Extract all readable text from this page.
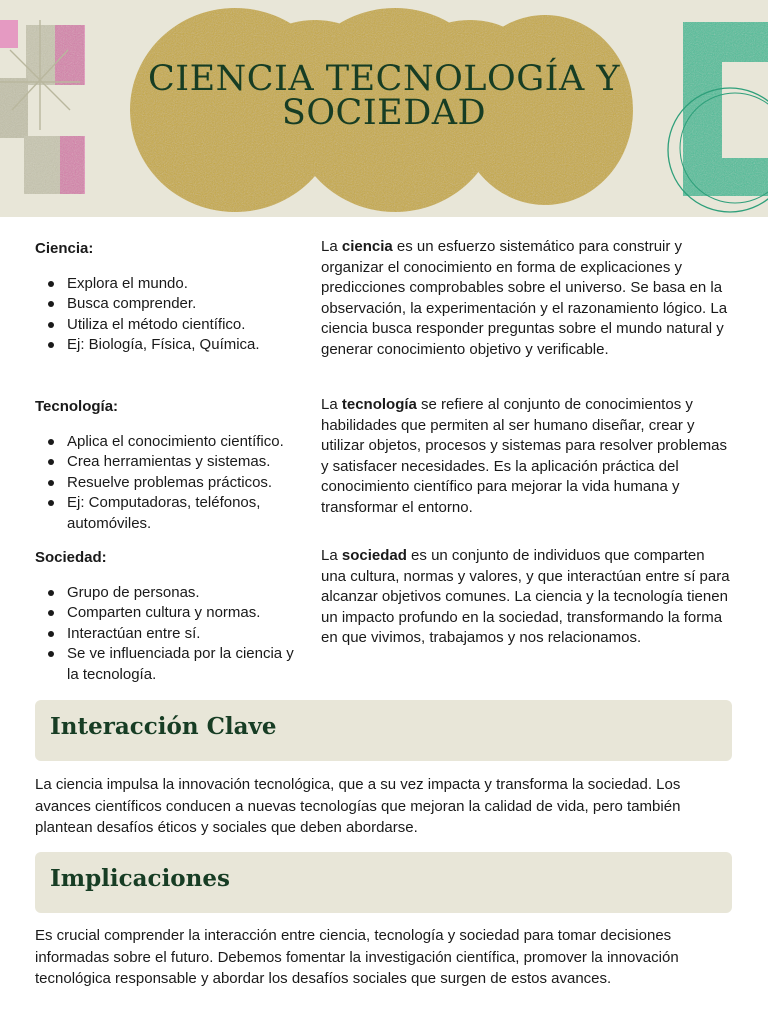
CIENCIA TECNOLOGÍA Y SOCIEDAD
Ciencia:
Explora el mundo.
Busca comprender.
Utiliza el método científico.
Ej: Biología, Física, Química.

La ciencia es un esfuerzo sistemático para construir y organizar el conocimiento en forma de explicaciones y predicciones comprobables sobre el universo. Se basa en la observación, la experimentación y el razonamiento lógico. La ciencia busca responder preguntas sobre el mundo natural y generar conocimiento objetivo y verificable.

Tecnología:
Aplica el conocimiento científico.
Crea herramientas y sistemas.
Resuelve problemas prácticos.
Ej: Computadoras, teléfonos, automóviles.

La tecnología se refiere al conjunto de conocimientos y habilidades que permiten al ser humano diseñar, crear y utilizar objetos, procesos y sistemas para resolver problemas y satisfacer necesidades. Es la aplicación práctica del conocimiento científico para mejorar la vida humana y transformar el entorno.

Sociedad:
Grupo de personas.
Comparten cultura y normas.
Interactúan entre sí.
Se ve influenciada por la ciencia y la tecnología.

La sociedad es un conjunto de individuos que comparten una cultura, normas y valores, y que interactúan entre sí para alcanzar objetivos comunes. La ciencia y la tecnología tienen un impacto profundo en la sociedad, transformando la forma en que vivimos, trabajamos y nos relacionamos.

Interacción Clave

La ciencia impulsa la innovación tecnológica, que a su vez impacta y transforma la sociedad. Los avances científicos conducen a nuevas tecnologías que mejoran la calidad de vida, pero también plantean desafíos éticos y sociales que deben abordarse.

Implicaciones

Es crucial comprender la interacción entre ciencia, tecnología y sociedad para tomar decisiones informadas sobre el futuro. Debemos fomentar la investigación científica, promover la innovación tecnológica responsable y abordar los desafíos sociales que surgen de estos avances.
